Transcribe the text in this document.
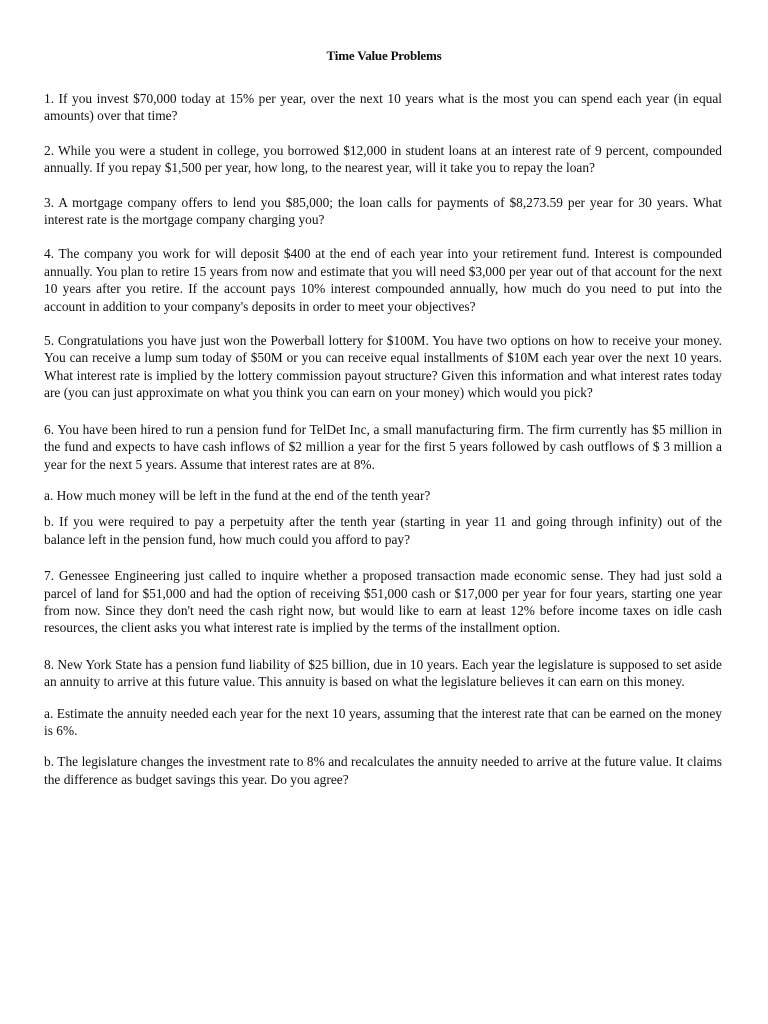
Time Value Problems

1. If you invest $70,000 today at 15% per year, over the next 10 years what is the most you can spend each year (in equal amounts) over that time?

2. While you were a student in college, you borrowed $12,000 in student loans at an interest rate of 9 percent, compounded annually. If you repay $1,500 per year, how long, to the nearest year, will it take you to repay the loan?

3. A mortgage company offers to lend you $85,000; the loan calls for payments of $8,273.59 per year for 30 years. What interest rate is the mortgage company charging you?

4. The company you work for will deposit $400 at the end of each year into your retirement fund. Interest is compounded annually. You plan to retire 15 years from now and estimate that you will need $3,000 per year out of that account for the next 10 years after you retire. If the account pays 10% interest compounded annually, how much do you need to put into the account in addition to your company's deposits in order to meet your objectives?

5. Congratulations you have just won the Powerball lottery for $100M. You have two options on how to receive your money. You can receive a lump sum today of $50M or you can receive equal installments of $10M each year over the next 10 years. What interest rate is implied by the lottery commission payout structure? Given this information and what interest rates today are (you can just approximate on what you think you can earn on your money) which would you pick?

6. You have been hired to run a pension fund for TelDet Inc, a small manufacturing firm. The firm currently has $5 million in the fund and expects to have cash inflows of $2 million a year for the first 5 years followed by cash outflows of $ 3 million a year for the next 5 years. Assume that interest rates are at 8%.

a. How much money will be left in the fund at the end of the tenth year?

b. If you were required to pay a perpetuity after the tenth year (starting in year 11 and going through infinity) out of the balance left in the pension fund, how much could you afford to pay?

7. Genessee Engineering just called to inquire whether a proposed transaction made economic sense. They had just sold a parcel of land for $51,000 and had the option of receiving $51,000 cash or $17,000 per year for four years, starting one year from now. Since they don't need the cash right now, but would like to earn at least 12% before income taxes on idle cash resources, the client asks you what interest rate is implied by the terms of the installment option.

8. New York State has a pension fund liability of $25 billion, due in 10 years. Each year the legislature is supposed to set aside an annuity to arrive at this future value. This annuity is based on what the legislature believes it can earn on this money.

a. Estimate the annuity needed each year for the next 10 years, assuming that the interest rate that can be earned on the money is 6%.

b. The legislature changes the investment rate to 8% and recalculates the annuity needed to arrive at the future value. It claims the difference as budget savings this year. Do you agree?
